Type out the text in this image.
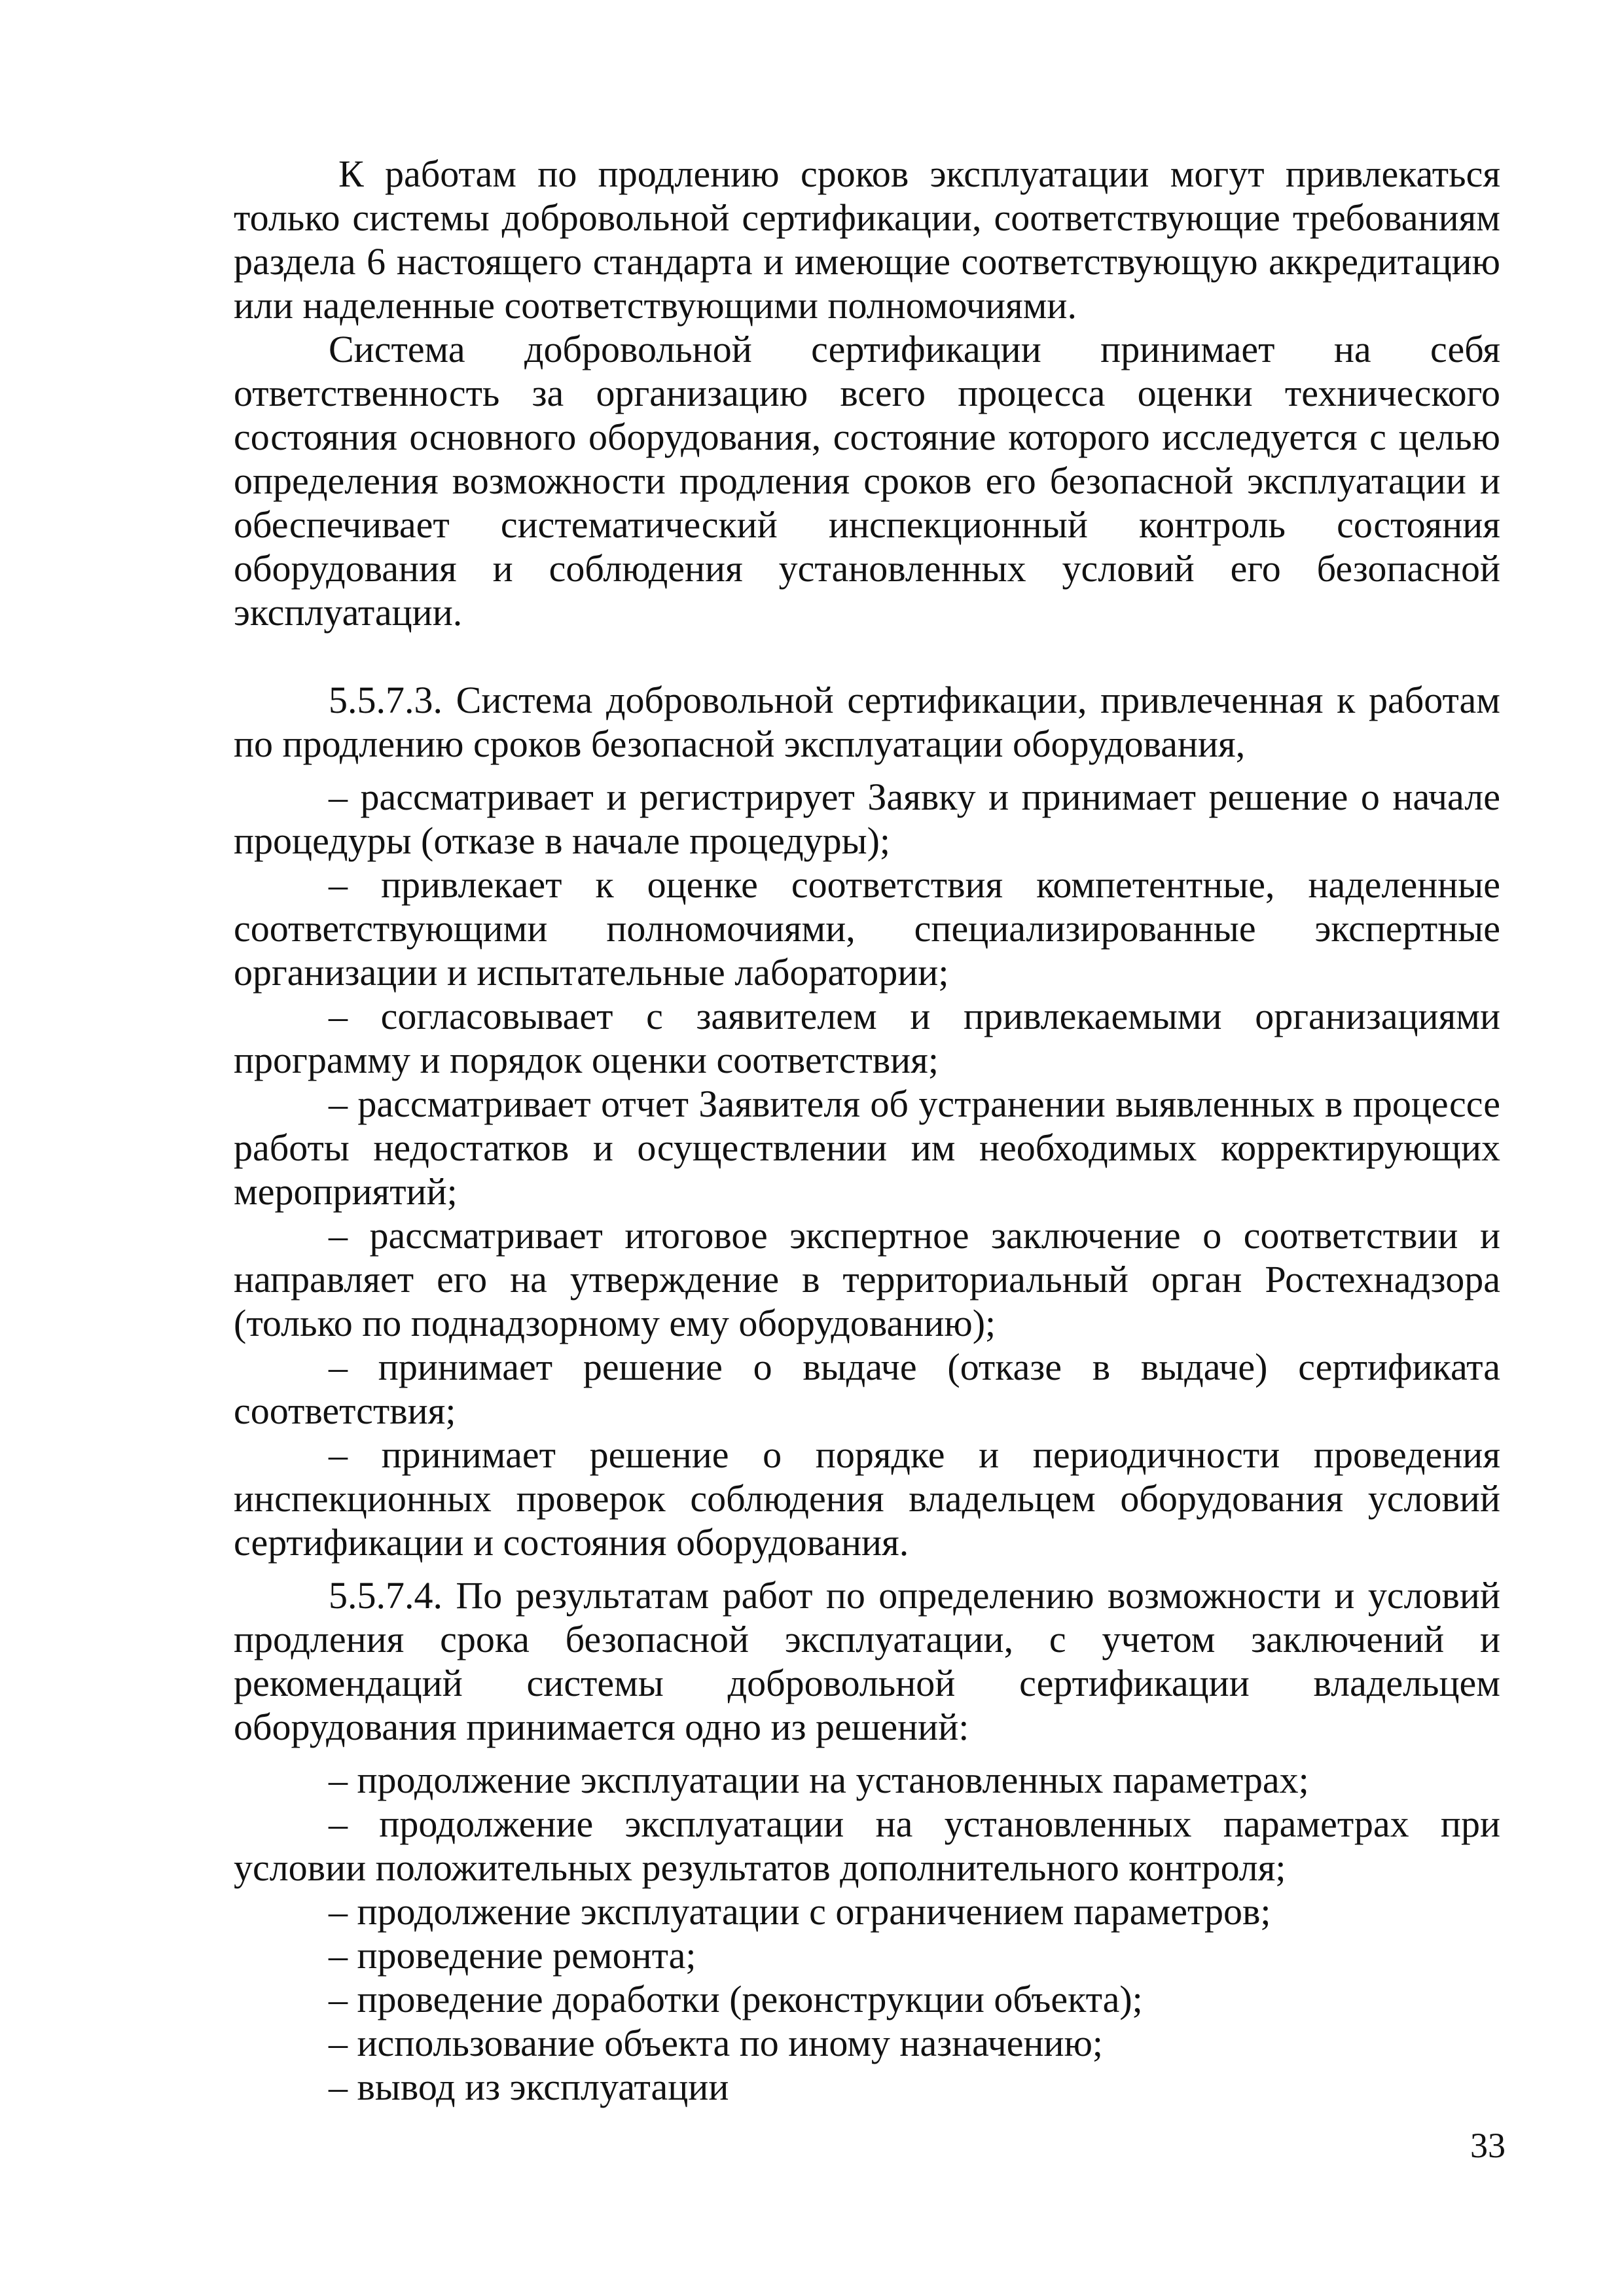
К работам по продлению сроков эксплуатации могут привлекаться только системы добровольной сертификации, соответствующие требованиям раздела 6 настоящего стандарта и имеющие соответствующую аккредитацию или наделенные соответствующими полномочиями.

Система добровольной сертификации принимает на себя ответственность за организацию всего процесса оценки технического состояния основного оборудования, состояние которого исследуется с целью определения возможности продления сроков его безопасной эксплуатации и обеспечивает систематический инспекционный контроль состояния оборудования и соблюдения установленных условий его безопасной эксплуатации.

5.5.7.3. Система добровольной сертификации, привлеченная к работам по продлению сроков безопасной эксплуатации оборудования,

– рассматривает и регистрирует Заявку и принимает решение о начале процедуры (отказе в начале процедуры);

– привлекает к оценке соответствия компетентные, наделенные соответствующими полномочиями, специализированные экспертные организации и испытательные лаборатории;

– согласовывает с заявителем и привлекаемыми организациями программу и порядок оценки соответствия;

– рассматривает отчет Заявителя об устранении выявленных в процессе работы недостатков и осуществлении им необходимых корректирующих мероприятий;

– рассматривает итоговое экспертное заключение о соответствии и направляет его на утверждение в территориальный орган Ростехнадзора (только по поднадзорному ему оборудованию);

– принимает решение о выдаче (отказе в выдаче) сертификата соответствия;

– принимает решение о порядке и периодичности проведения инспекционных проверок соблюдения владельцем оборудования условий сертификации и состояния оборудования.

5.5.7.4. По результатам работ по определению возможности и условий продления срока безопасной эксплуатации, с учетом заключений и рекомендаций системы добровольной сертификации владельцем оборудования принимается одно из решений:

– продолжение эксплуатации на установленных параметрах;

– продолжение эксплуатации на установленных параметрах при условии положительных результатов дополнительного контроля;

– продолжение эксплуатации с ограничением параметров;

– проведение ремонта;

– проведение доработки (реконструкции объекта);

– использование объекта по иному назначению;

– вывод из эксплуатации

33
